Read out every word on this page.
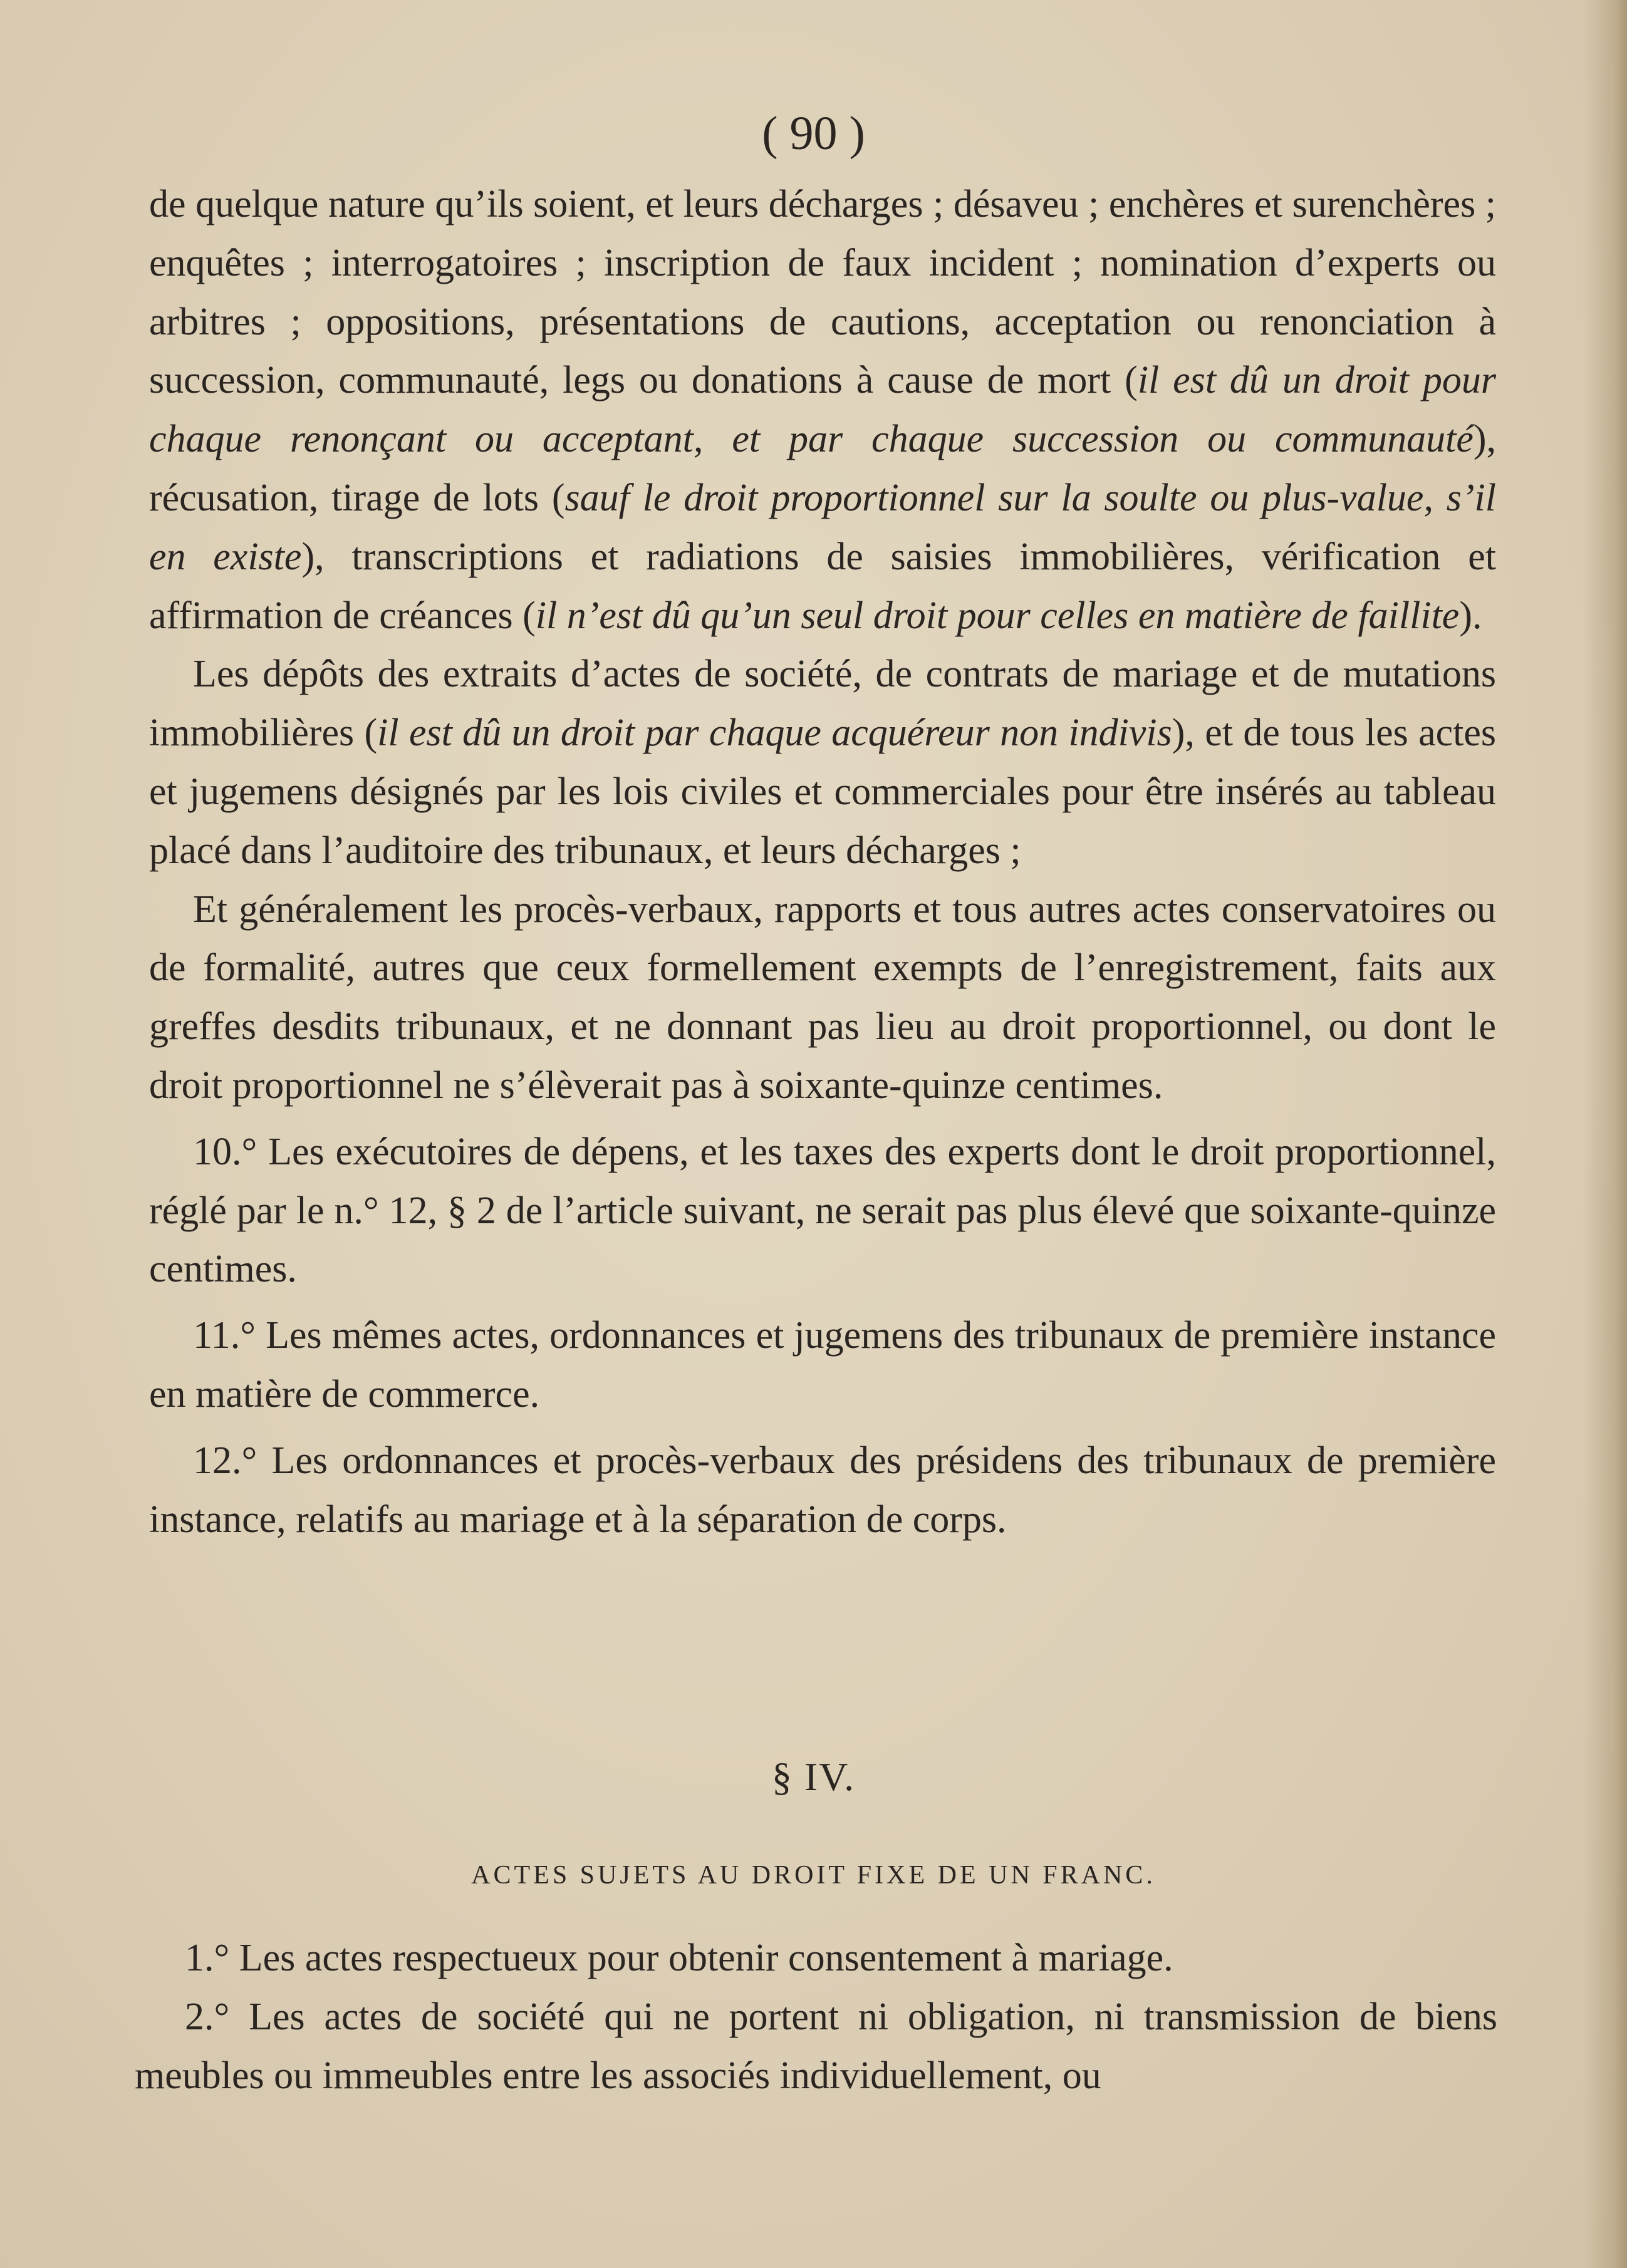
( 90 )

de quelque nature qu’ils soient, et leurs décharges ; désaveu ; enchères et surenchères ; enquêtes ; interrogatoires ; inscription de faux incident ; nomination d’experts ou arbitres ; oppositions, présentations de cautions, acceptation ou renonciation à succession, communauté, legs ou donations à cause de mort (il est dû un droit pour chaque renonçant ou acceptant, et par chaque succession ou communauté), récusation, tirage de lots (sauf le droit proportionnel sur la soulte ou plus-value, s’il en existe), transcriptions et radiations de saisies immobilières, vérification et affirmation de créances (il n’est dû qu’un seul droit pour celles en matière de faillite).

Les dépôts des extraits d’actes de société, de contrats de mariage et de mutations immobilières (il est dû un droit par chaque acquéreur non indivis), et de tous les actes et jugemens désignés par les lois civiles et commerciales pour être insérés au tableau placé dans l’auditoire des tribunaux, et leurs décharges ;

Et généralement les procès-verbaux, rapports et tous autres actes conservatoires ou de formalité, autres que ceux formellement exempts de l’enregistrement, faits aux greffes desdits tribunaux, et ne donnant pas lieu au droit proportionnel, ou dont le droit proportionnel ne s’élèverait pas à soixante-quinze centimes.

10.° Les exécutoires de dépens, et les taxes des experts dont le droit proportionnel, réglé par le n.° 12, § 2 de l’article suivant, ne serait pas plus élevé que soixante-quinze centimes.

11.° Les mêmes actes, ordonnances et jugemens des tribunaux de première instance en matière de commerce.

12.° Les ordonnances et procès-verbaux des présidens des tribunaux de première instance, relatifs au mariage et à la séparation de corps.

§ IV.
ACTES SUJETS AU DROIT FIXE DE UN FRANC.

1.° Les actes respectueux pour obtenir consentement à mariage.

2.° Les actes de société qui ne portent ni obligation, ni transmission de biens meubles ou immeubles entre les associés individuellement, ou
